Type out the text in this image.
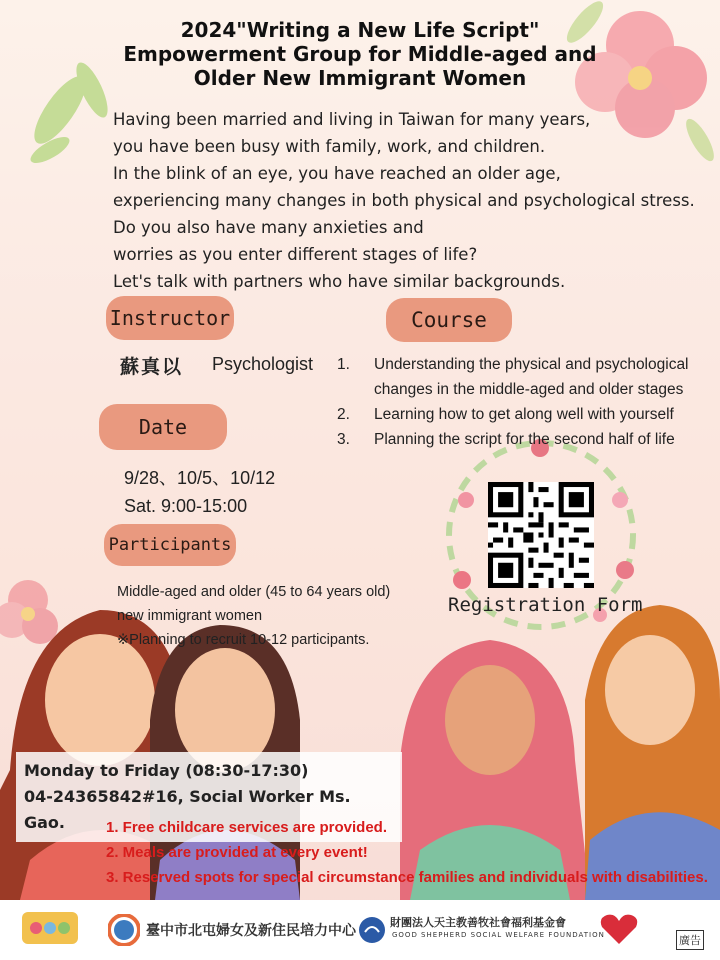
2024"Writing a New Life Script"
Empowerment Group for Middle-aged and
Older New Immigrant Women
Having been married and living in Taiwan for many years,
you have been busy with family, work, and children.
In the blink of an eye, you have reached an older age,
experiencing many changes in both physical and psychological stress.
Do you also have many anxieties and
worries as you enter different stages of life?
Let's talk with partners who have similar backgrounds.
Instructor
蘇真以 Psychologist
Course
1.	Understanding the physical and psychological changes in the middle-aged and older stages
2.	Learning how to get along well with yourself
3.	Planning the script for the second half of life
Date
9/28、10/5、10/12
Sat. 9:00-15:00
Participants
Middle-aged and older (45 to 64 years old)
new immigrant women
※Planning to recruit 10-12 participants.
Registration Form
Monday to Friday (08:30-17:30)
04-24365842#16, Social Worker Ms. Gao.	1. Free childcare services are provided.
2. Meals are provided at every event!
3. Reserved spots for special circumstance families and individuals with disabilities.
臺中市北屯婦女及新住民培力中心
財團法人天主教善牧社會福利基金會
GOOD SHEPHERD SOCIAL WELFARE FOUNDATION	廣告
